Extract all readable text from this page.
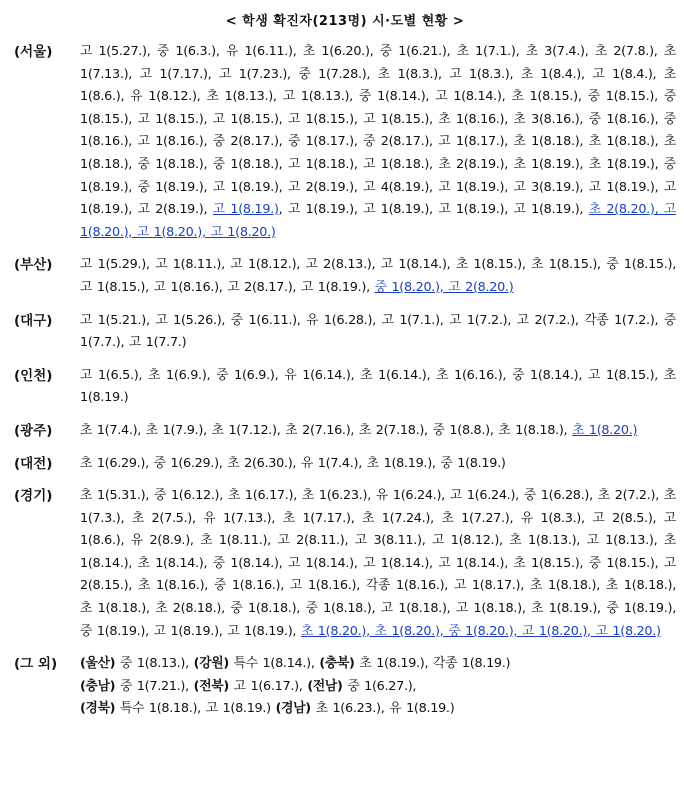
< 학생 확진자(213명) 시·도별 현황 >
(서울)	고 1(5.27.), 중 1(6.3.), 유 1(6.11.), 초 1(6.20.), 중 1(6.21.), 초 1(7.1.), 초 3(7.4.), 초 2(7.8.), 초 1(7.13.), 고 1(7.17.), 고 1(7.23.), 중 1(7.28.), 초 1(8.3.), 고 1(8.3.), 초 1(8.4.), 고 1(8.4.), 초 1(8.6.), 유 1(8.12.), 초 1(8.13.), 고 1(8.13.), 중 1(8.14.), 고 1(8.14.), 초 1(8.15.), 중 1(8.15.), 중 1(8.15.), 고 1(8.15.), 고 1(8.15.), 고 1(8.15.), 고 1(8.15.), 초 1(8.16.), 초 3(8.16.), 중 1(8.16.), 중 1(8.16.), 고 1(8.16.), 중 2(8.17.), 중 1(8.17.), 중 2(8.17.), 고 1(8.17.), 초 1(8.18.), 초 1(8.18.), 초 1(8.18.), 중 1(8.18.), 중 1(8.18.), 고 1(8.18.), 고 1(8.18.), 초 2(8.19.), 초 1(8.19.), 초 1(8.19.), 중 1(8.19.), 중 1(8.19.), 고 1(8.19.), 고 2(8.19.), 고 4(8.19.), 고 1(8.19.), 고 3(8.19.), 고 1(8.19.), 고 1(8.19.), 고 2(8.19.), 고 1(8.19.), 고 1(8.19.), 고 1(8.19.), 고 1(8.19.), 고 1(8.19.), 초 2(8.20.), 고 1(8.20.), 고 1(8.20.), 고 1(8.20.)
(부산)	고 1(5.29.), 고 1(8.11.), 고 1(8.12.), 고 2(8.13.), 고 1(8.14.), 초 1(8.15.), 초 1(8.15.), 중 1(8.15.), 고 1(8.15.), 고 1(8.16.), 고 2(8.17.), 고 1(8.19.), 중 1(8.20.), 고 2(8.20.)
(대구)	고 1(5.21.), 고 1(5.26.), 중 1(6.11.), 유 1(6.28.), 고 1(7.1.), 고 1(7.2.), 고 2(7.2.), 각종 1(7.2.), 중 1(7.7.), 고 1(7.7.)
(인천)	고 1(6.5.), 초 1(6.9.), 중 1(6.9.), 유 1(6.14.), 초 1(6.14.), 초 1(6.16.), 중 1(8.14.), 고 1(8.15.), 초 1(8.19.)
(광주)	초 1(7.4.), 초 1(7.9.), 초 1(7.12.), 초 2(7.16.), 초 2(7.18.), 중 1(8.8.), 초 1(8.18.), 초 1(8.20.)
(대전)	초 1(6.29.), 중 1(6.29.), 초 2(6.30.), 유 1(7.4.), 초 1(8.19.), 중 1(8.19.)
(경기)	초 1(5.31.), 중 1(6.12.), 초 1(6.17.), 초 1(6.23.), 유 1(6.24.), 고 1(6.24.), 중 1(6.28.), 초 2(7.2.), 초 1(7.3.), 초 2(7.5.), 유 1(7.13.), 초 1(7.17.), 초 1(7.24.), 초 1(7.27.), 유 1(8.3.), 고 2(8.5.), 고 1(8.6.), 유 2(8.9.), 초 1(8.11.), 고 2(8.11.), 고 3(8.11.), 고 1(8.12.), 초 1(8.13.), 고 1(8.13.), 초 1(8.14.), 초 1(8.14.), 중 1(8.14.), 고 1(8.14.), 고 1(8.14.), 고 1(8.14.), 초 1(8.15.), 중 1(8.15.), 고 2(8.15.), 초 1(8.16.), 중 1(8.16.), 고 1(8.16.), 각종 1(8.16.), 고 1(8.17.), 초 1(8.18.), 초 1(8.18.), 초 1(8.18.), 초 2(8.18.), 중 1(8.18.), 중 1(8.18.), 고 1(8.18.), 고 1(8.18.), 초 1(8.19.), 중 1(8.19.), 중 1(8.19.), 고 1(8.19.), 고 1(8.19.), 초 1(8.20.), 초 1(8.20.), 중 1(8.20.), 고 1(8.20.), 고 1(8.20.)
(그 외)	(울산) 중 1(8.13.), (강원) 특수 1(8.14.), (충북) 초 1(8.19.), 각종 1(8.19.)
(충남) 중 1(7.21.), (전북) 고 1(6.17.), (전남) 중 1(6.27.),
(경북) 특수 1(8.18.), 고 1(8.19.) (경남) 초 1(6.23.), 유 1(8.19.)
